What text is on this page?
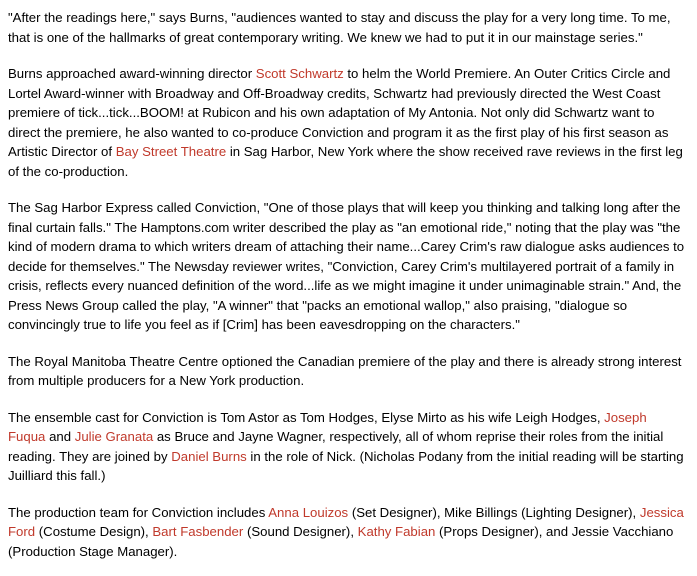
"After the readings here," says Burns, "audiences wanted to stay and discuss the play for a very long time. To me, that is one of the hallmarks of great contemporary writing. We knew we had to put it in our mainstage series."

Burns approached award-winning director Scott Schwartz to helm the World Premiere. An Outer Critics Circle and Lortel Award-winner with Broadway and Off-Broadway credits, Schwartz had previously directed the West Coast premiere of tick...tick...BOOM! at Rubicon and his own adaptation of My Antonia. Not only did Schwartz want to direct the premiere, he also wanted to co-produce Conviction and program it as the first play of his first season as Artistic Director of Bay Street Theatre in Sag Harbor, New York where the show received rave reviews in the first leg of the co-production.

The Sag Harbor Express called Conviction, "One of those plays that will keep you thinking and talking long after the final curtain falls." The Hamptons.com writer described the play as "an emotional ride," noting that the play was "the kind of modern drama to which writers dream of attaching their name...Carey Crim's raw dialogue asks audiences to decide for themselves." The Newsday reviewer writes, "Conviction, Carey Crim's multilayered portrait of a family in crisis, reflects every nuanced definition of the word...life as we might imagine it under unimaginable strain." And, the Press News Group called the play, "A winner" that "packs an emotional wallop," also praising, "dialogue so convincingly true to life you feel as if [Crim] has been eavesdropping on the characters."

The Royal Manitoba Theatre Centre optioned the Canadian premiere of the play and there is already strong interest from multiple producers for a New York production.

The ensemble cast for Conviction is Tom Astor as Tom Hodges, Elyse Mirto as his wife Leigh Hodges, Joseph Fuqua and Julie Granata as Bruce and Jayne Wagner, respectively, all of whom reprise their roles from the initial reading. They are joined by Daniel Burns in the role of Nick. (Nicholas Podany from the initial reading will be starting Juilliard this fall.)

The production team for Conviction includes Anna Louizos (Set Designer), Mike Billings (Lighting Designer), Jessica Ford (Costume Design), Bart Fasbender (Sound Designer), Kathy Fabian (Props Designer), and Jessie Vacchiano (Production Stage Manager).
